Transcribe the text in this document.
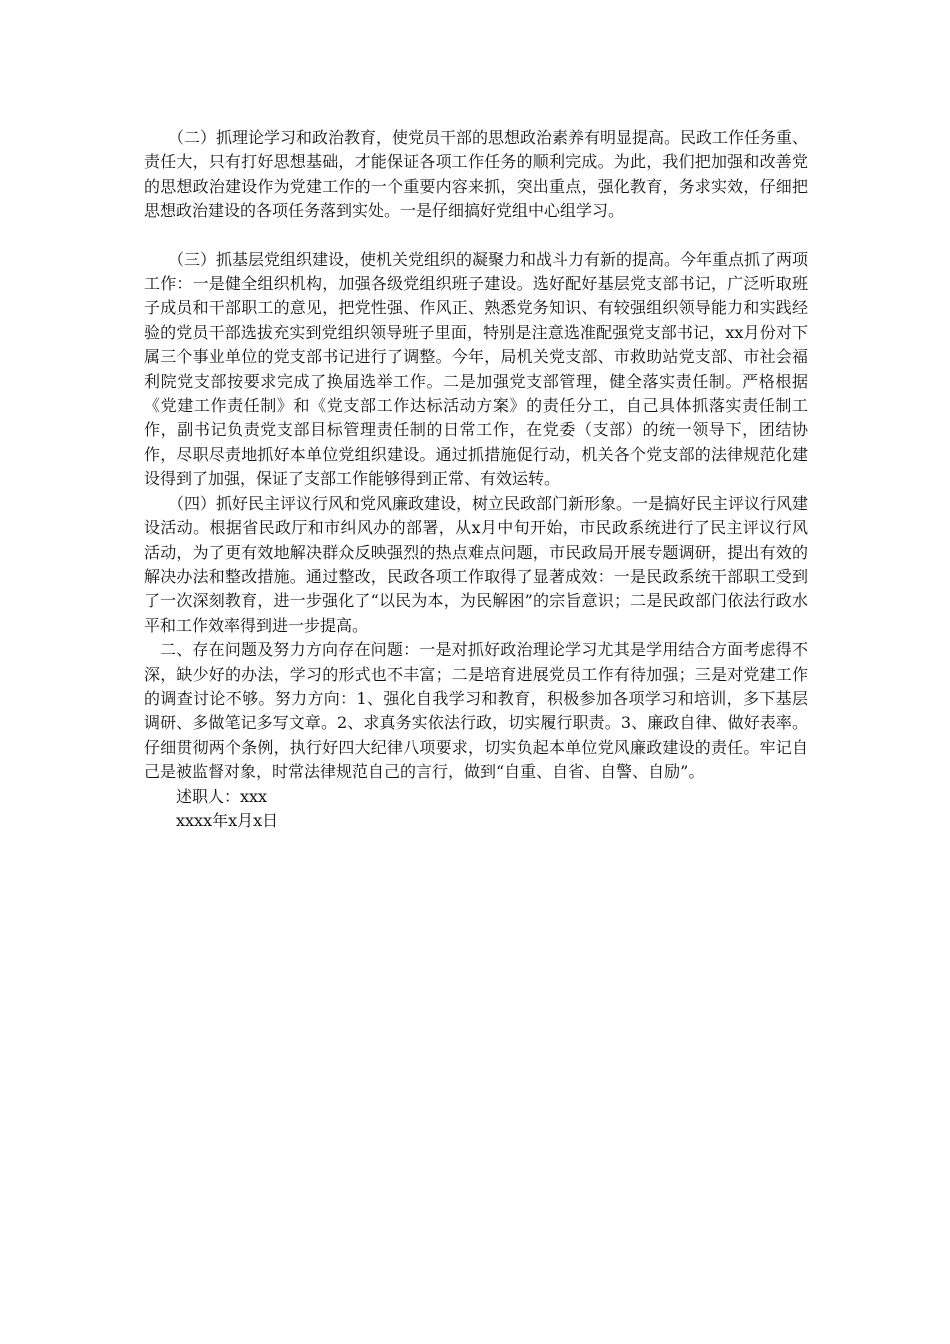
（二）抓理论学习和政治教育，使党员干部的思想政治素养有明显提高。民政工作任务重、责任大，只有打好思想基础，才能保证各项工作任务的顺利完成。为此，我们把加强和改善党的思想政治建设作为党建工作的一个重要内容来抓，突出重点，强化教育，务求实效，仔细把思想政治建设的各项任务落到实处。一是仔细搞好党组中心组学习。

（三）抓基层党组织建设，使机关党组织的凝聚力和战斗力有新的提高。今年重点抓了两项工作：一是健全组织机构，加强各级党组织班子建设。选好配好基层党支部书记，广泛听取班子成员和干部职工的意见，把党性强、作风正、熟悉党务知识、有较强组织领导能力和实践经验的党员干部选拔充实到党组织领导班子里面，特别是注意选准配强党支部书记，xx月份对下属三个事业单位的党支部书记进行了调整。今年，局机关党支部、市救助站党支部、市社会福利院党支部按要求完成了换届选举工作。二是加强党支部管理，健全落实责任制。严格根据《党建工作责任制》和《党支部工作达标活动方案》的责任分工，自己具体抓落实责任制工作，副书记负责党支部目标管理责任制的日常工作，在党委（支部）的统一领导下，团结协作，尽职尽责地抓好本单位党组织建设。通过抓措施促行动，机关各个党支部的法律规范化建设得到了加强，保证了支部工作能够得到正常、有效运转。

（四）抓好民主评议行风和党风廉政建设，树立民政部门新形象。一是搞好民主评议行风建设活动。根据省民政厅和市纠风办的部署，从x月中旬开始，市民政系统进行了民主评议行风活动，为了更有效地解决群众反映强烈的热点难点问题，市民政局开展专题调研，提出有效的解决办法和整改措施。通过整改，民政各项工作取得了显著成效：一是民政系统干部职工受到了一次深刻教育，进一步强化了“以民为本，为民解困”的宗旨意识；二是民政部门依法行政水平和工作效率得到进一步提高。

二、存在问题及努力方向存在问题：一是对抓好政治理论学习尤其是学用结合方面考虑得不深，缺少好的办法，学习的形式也不丰富；二是培育进展党员工作有待加强；三是对党建工作的调查讨论不够。努力方向：1、强化自我学习和教育，积极参加各项学习和培训，多下基层调研、多做笔记多写文章。2、求真务实依法行政，切实履行职责。3、廉政自律、做好表率。仔细贯彻两个条例，执行好四大纪律八项要求，切实负起本单位党风廉政建设的责任。牢记自己是被监督对象，时常法律规范自己的言行，做到“自重、自省、自警、自励”。

述职人：xxx

xxxx年x月x日
